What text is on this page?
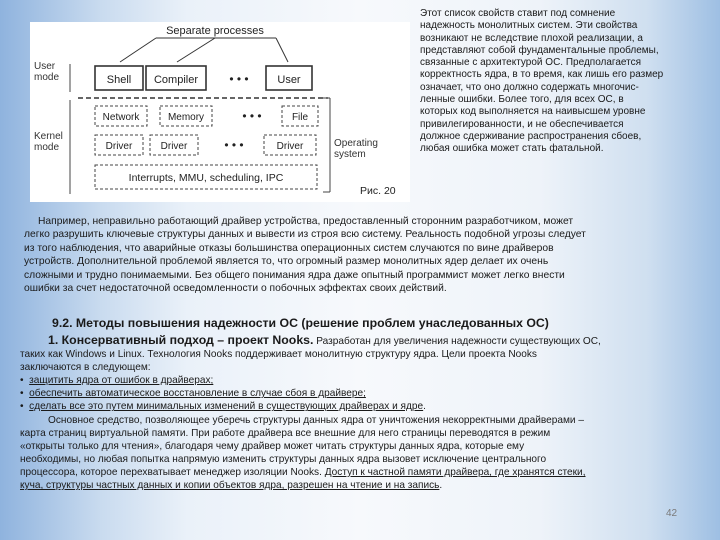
Separate processes
User
mode
Kernel
mode
Shell Compiler	• • •	User
Operating
system
Network	Memory	• • •	File
Driver	Driver	• • •	Driver
Interrupts, MMU, scheduling, IPC
Рис. 20

Этот список свойств ставит под сомнение
надежность монолитных систем. Эти свойства
возникают не вследствие плохой реализации, а
представляют собой фундаментальные проблемы,
связанные с архитектурой ОС. Предполагается
корректность ядра, в то время, как лишь его размер
означает, что оно должно содержать многочис-
ленные ошибки. Более того, для всех ОС, в
которых код выполняется на наивысшем уровне
привилегированности, и не обеспечивается
должное сдерживание распространения сбоев,
любая ошибка может стать фатальной.

Например, неправильно работающий драйвер устройства, предоставленный сторонним разработчиком, может
легко разрушить ключевые структуры данных и вывести из строя всю систему. Реальность подобной угрозы следует
из того наблюдения, что аварийные отказы большинства операционных систем случаются по вине драйверов
устройств. Дополнительной проблемой является то, что огромный размер монолитных ядер делает их очень
сложными и трудно понимаемыми. Без общего понимания ядра даже опытный программист может легко внести
ошибки за счет недостаточной осведомленности о побочных эффектах своих действий.

9.2. Методы повышения надежности ОС (решение проблем унаследованных ОС)

1. Консервативный подход – проект Nooks. Разработан для увеличения надежности существующих ОС,
таких как Windows и Linux. Технология Nooks поддерживает монолитную структуру ядра. Цели проекта Nooks
заключаются в следующем:
• защитить ядра от ошибок в драйверах;
• обеспечить автоматическое восстановление в случае сбоя в драйвере;
• сделать все это путем минимальных изменений в существующих драйверах и ядре.
Основное средство, позволяющее уберечь структуры данных ядра от уничтожения некорректными драйверами –
карта страниц виртуальной памяти. При работе драйвера все внешние для него страницы переводятся в режим
«открыты только для чтения», благодаря чему драйвер может читать структуры данных ядра, которые ему
необходимы, но любая попытка напрямую изменить структуры данных ядра вызовет исключение центрального
процессора, которое перехватывает менеджер изоляции Nooks. Доступ к частной памяти драйвера, где хранятся стеки,
куча, структуры частных данных и копии объектов ядра, разрешен на чтение и на запись.
42
